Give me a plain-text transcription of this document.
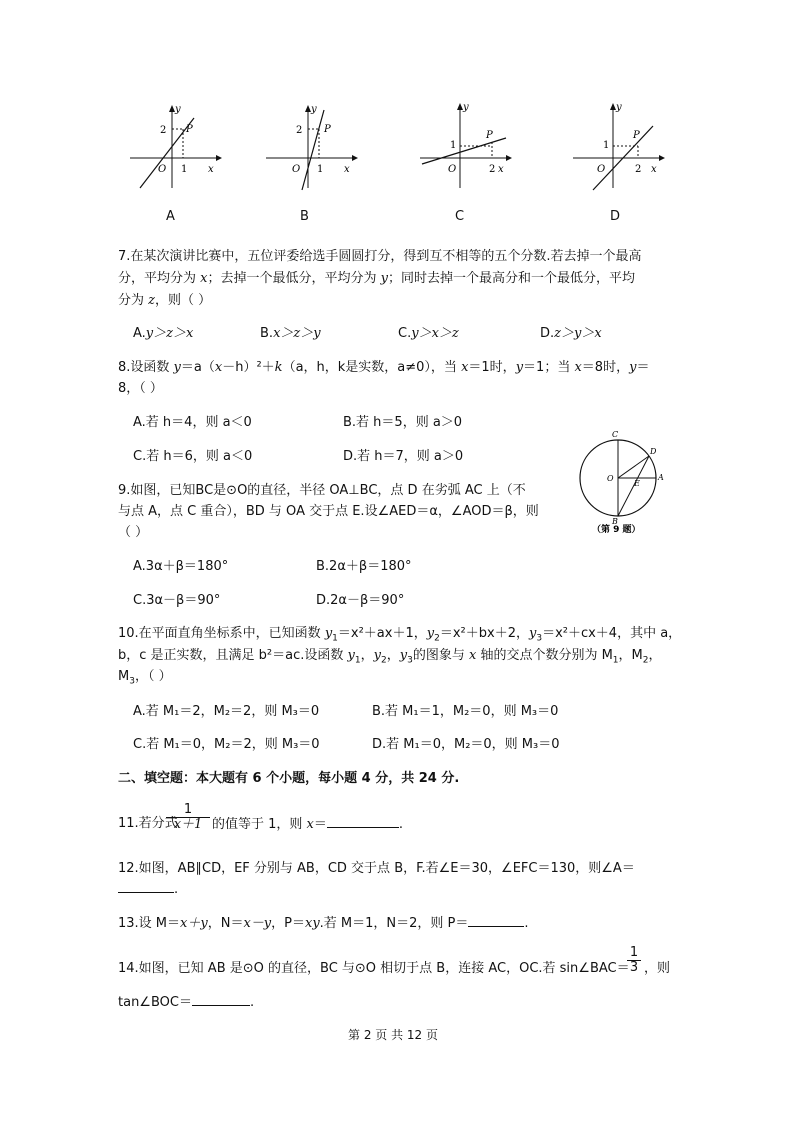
2
1
P
O	x
y
A
2
1
P
O	x
y
B
1
2
P
O	x
y
C
1
2
P
O	x
y
D
7.在某次演讲比赛中，五位评委给选手圆圆打分，得到互不相等的五个分数.若去掉一个最高
分，平均分为 x；去掉一个最低分，平均分为 y；同时去掉一个最高分和一个最低分，平均
分为 z，则（ ）
A.y＞z＞x	B.x＞z＞y	C.y＞x＞z	D.z＞y＞x
8.设函数 y＝a（x－h）²＋k（a，h，k是实数，a≠0），当 x＝1时，y＝1；当 x＝8时，y＝
8，（ ）
A.若 h＝4，则 a＜0	B.若 h＝5，则 a＞0
C.若 h＝6，则 a＜0	D.若 h＝7，则 a＞0
C
D
A
O
E
B
（第 9 题）
9.如图，已知BC是⊙O的直径，半径 OA⊥BC，点 D 在劣弧 AC 上（不
与点 A，点 C 重合），BD 与 OA 交于点 E.设∠AED＝α，∠AOD＝β，则
（ ）
A.3α＋β＝180°	B.2α＋β＝180°
C.3α－β＝90°	D.2α－β＝90°
10.在平面直角坐标系中，已知函数 $y_1=x^2+ax+1$，$y_2=x^2+bx+2$，$y_3=x^2+cx+4$，其中 a，
b，c 是正实数，且满足 b²＝ac.设函数 $y_1$，$y_2$，$y_3$的图象与 x 轴的交点个数分别为 $M_1$，$M_2$，
$M_3$，（ ）
A.若 M₁＝2，M₂＝2，则 M₃＝0	B.若 M₁＝1，M₂＝0，则 M₃＝0
C.若 M₁＝0，M₂＝2，则 M₃＝0	D.若 M₁＝0，M₂＝0，则 M₃＝0
二、填空题：本大题有 6 个小题，每小题 4 分，共 24 分.
11.若分式
$\frac{1}{x+1}$ 的值等于 1，则 x＝	.
12.如图，AB∥CD，EF 分别与 AB，CD 交于点 B，F.若∠E＝30，∠EFC＝130，则∠A＝
.
13.设 M＝x＋y，N＝x－y，P＝xy.若 M＝1，N＝2，则 P＝	.
14.如图，已知 AB 是⊙O 的直径，BC 与⊙O 相切于点 B，连接 AC，OC.若 sin∠BAC＝
$\frac{1}{3}$ ，则
tan∠BOC＝	.
第 2 页 共 12 页
